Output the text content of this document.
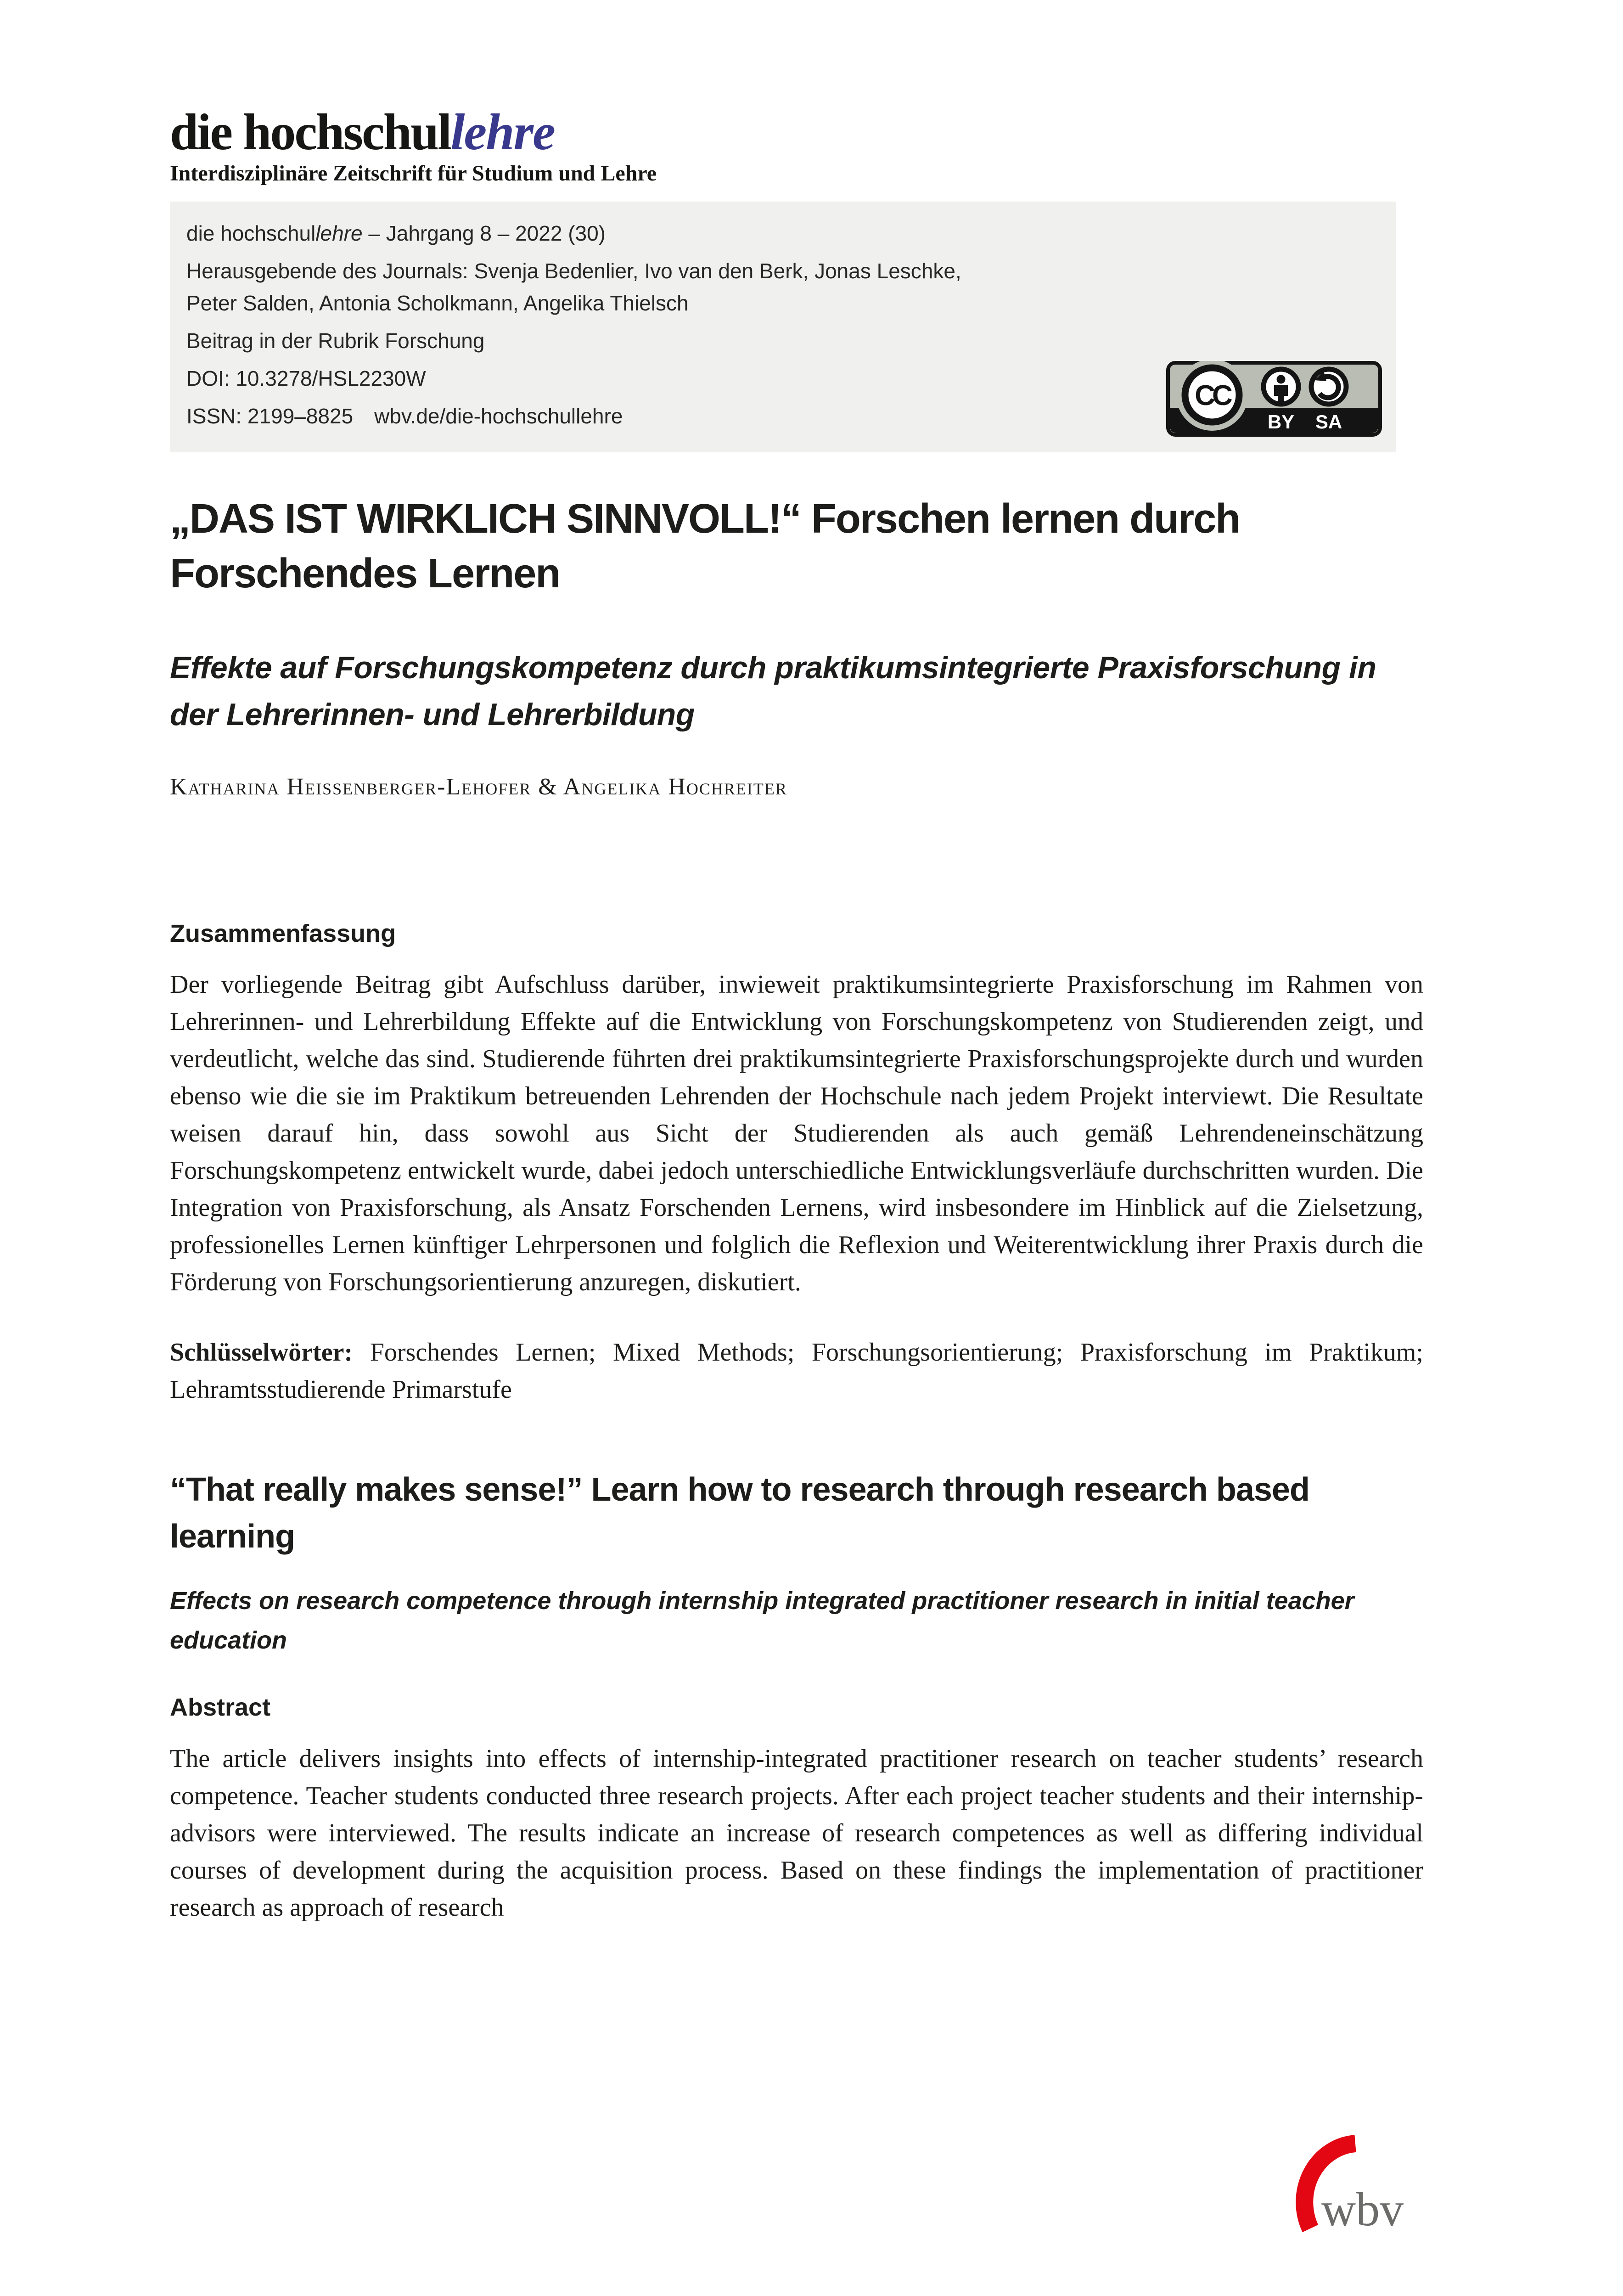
die hochschullehre
Interdisziplinäre Zeitschrift für Studium und Lehre
die hochschullehre – Jahrgang 8 – 2022 (30)
Herausgebende des Journals: Svenja Bedenlier, Ivo van den Berk, Jonas Leschke,
Peter Salden, Antonia Scholkmann, Angelika Thielsch
Beitrag in der Rubrik Forschung
DOI: 10.3278/HSL2230W
ISSN: 2199–8825 wbv.de/die-hochschullehre
CC
BY SA
„DAS IST WIRKLICH SINNVOLL!“ Forschen lernen durch Forschendes Lernen
Effekte auf Forschungskompetenz durch praktikumsintegrierte Praxisforschung in der Lehrerinnen- und Lehrerbildung
Katharina Heissenberger-Lehofer & Angelika Hochreiter
Zusammenfassung

Der vorliegende Beitrag gibt Aufschluss darüber, inwieweit praktikumsintegrierte Praxisforschung im Rahmen von Lehrerinnen- und Lehrerbildung Effekte auf die Entwicklung von Forschungskompetenz von Studierenden zeigt, und verdeutlicht, welche das sind. Studierende führten drei praktikumsintegrierte Praxisforschungsprojekte durch und wurden ebenso wie die sie im Praktikum betreuenden Lehrenden der Hochschule nach jedem Projekt interviewt. Die Resultate weisen darauf hin, dass sowohl aus Sicht der Studierenden als auch gemäß Lehrendeneinschätzung Forschungskompetenz entwickelt wurde, dabei jedoch unterschiedliche Entwicklungsverläufe durchschritten wurden. Die Integration von Praxisforschung, als Ansatz Forschenden Lernens, wird insbesondere im Hinblick auf die Zielsetzung, professionelles Lernen künftiger Lehrpersonen und folglich die Reflexion und Weiterentwicklung ihrer Praxis durch die Förderung von Forschungsorientierung anzuregen, diskutiert.

Schlüsselwörter: Forschendes Lernen; Mixed Methods; Forschungsorientierung; Praxisforschung im Praktikum; Lehramtsstudierende Primarstufe

“That really makes sense!” Learn how to research through research based learning
Effects on research competence through internship integrated practitioner research in initial teacher education
Abstract

The article delivers insights into effects of internship-integrated practitioner research on teacher students’ research competence. Teacher students conducted three research projects. After each project teacher students and their internship-advisors were interviewed. The results indicate an increase of research competences as well as differing individual courses of development during the acquisition process. Based on these findings the implementation of practitioner research as approach of research

wbv
